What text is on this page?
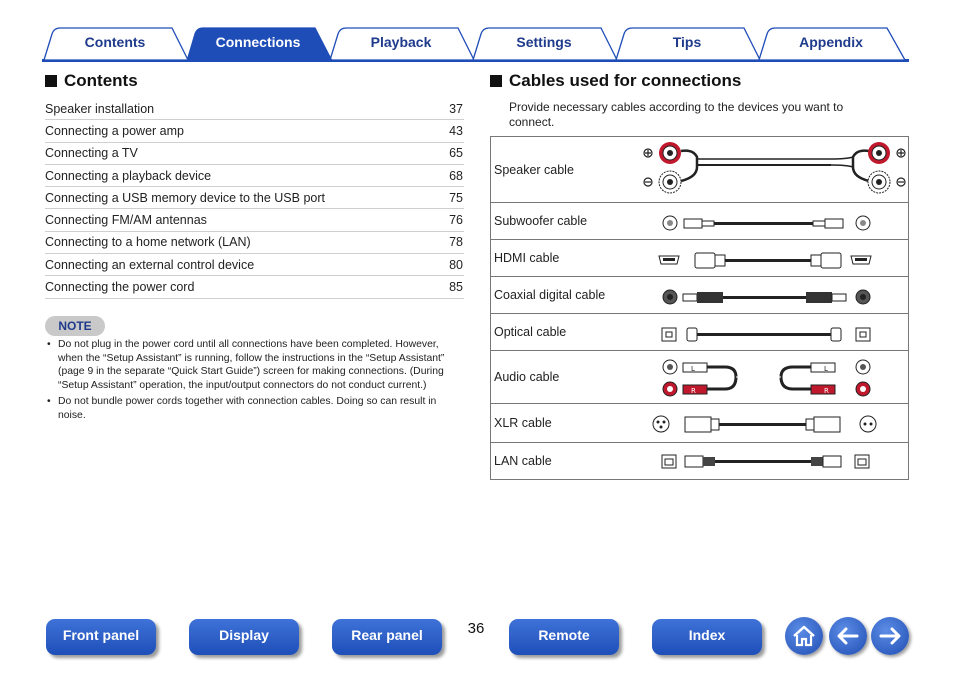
Contents	Connections	Playback	Settings	Tips	Appendix
Contents
Speaker installation	37
Connecting a power amp	43
Connecting a TV	65
Connecting a playback device	68
Connecting a USB memory device to the USB port	75
Connecting FM/AM antennas	76
Connecting to a home network (LAN)	78
Connecting an external control device	80
Connecting the power cord	85
NOTE
• Do not plug in the power cord until all connections have been completed. However, when the “Setup Assistant” is running, follow the instructions in the “Setup Assistant” (page 9 in the separate “Quick Start Guide”) screen for making connections. (During “Setup Assistant” operation, the input/output connectors do not conduct current.)
• Do not bundle power cords together with connection cables. Doing so can result in noise.
Cables used for connections
Provide necessary cables according to the devices you want to connect.
Speaker cable
Subwoofer cable
HDMI cable
Coaxial digital cable
Optical cable
Audio cable
L
R
L
R
XLR cable
LAN cable
Front panel	Display	Rear panel	36	Remote	Index
